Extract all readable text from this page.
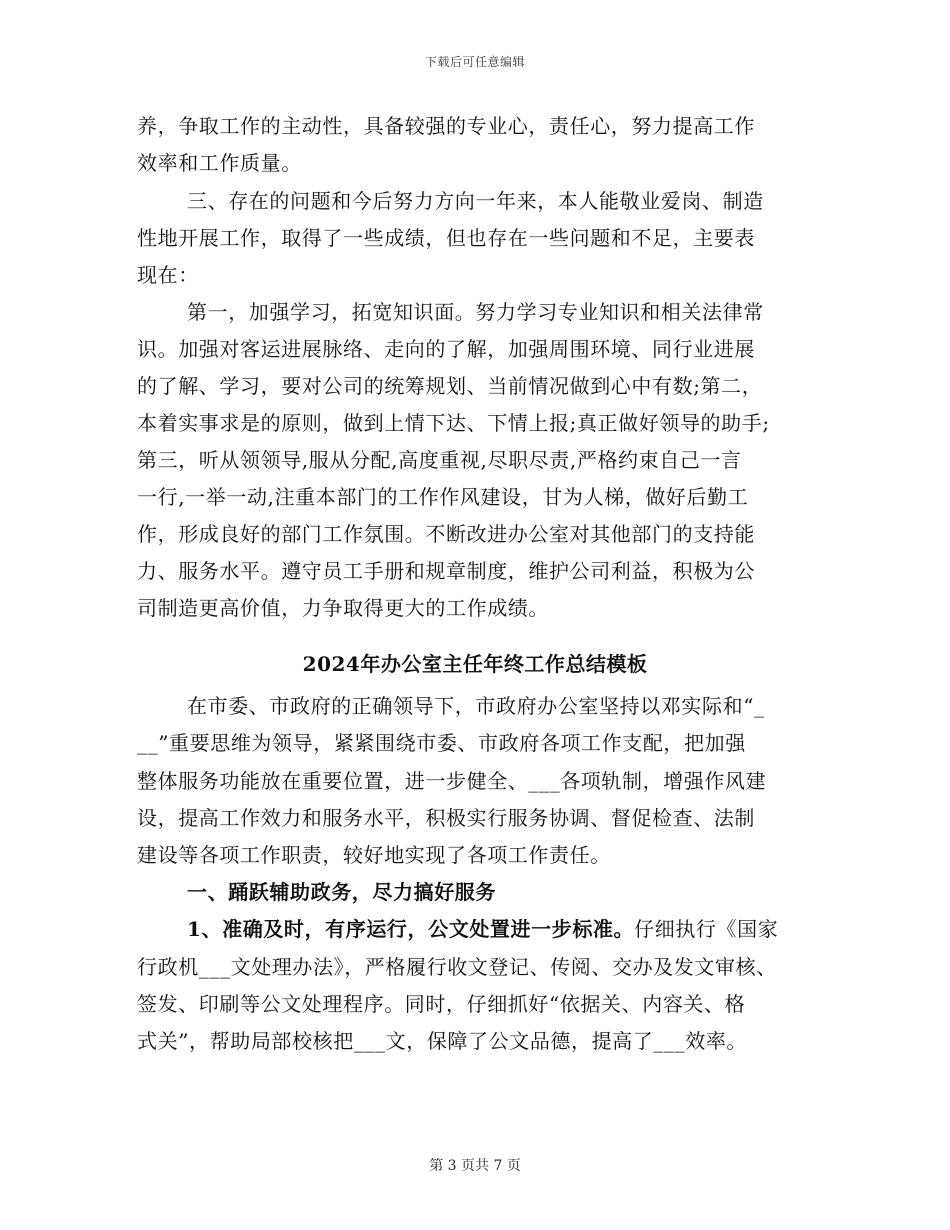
下载后可任意编辑
养，争取工作的主动性，具备较强的专业心，责任心，努力提高工作
效率和工作质量。
三、存在的问题和今后努力方向一年来，本人能敬业爱岗、制造
性地开展工作，取得了一些成绩，但也存在一些问题和不足，主要表
现在：
第一，加强学习，拓宽知识面。努力学习专业知识和相关法律常
识。加强对客运进展脉络、走向的了解，加强周围环境、同行业进展
的了解、学习，要对公司的统筹规划、当前情况做到心中有数;第二，
本着实事求是的原则，做到上情下达、下情上报;真正做好领导的助手;
第三，听从领领导,服从分配,高度重视,尽职尽责,严格约束自己一言
一行,一举一动,注重本部门的工作作风建设，甘为人梯，做好后勤工
作，形成良好的部门工作氛围。不断改进办公室对其他部门的支持能
力、服务水平。遵守员工手册和规章制度，维护公司利益，积极为公
司制造更高价值，力争取得更大的工作成绩。
2024年办公室主任年终工作总结模板
在市委、市政府的正确领导下，市政府办公室坚持以邓实际和“_
__”重要思维为领导，紧紧围绕市委、市政府各项工作支配，把加强
整体服务功能放在重要位置，进一步健全、___各项轨制，增强作风建
设，提高工作效力和服务水平，积极实行服务协调、督促检查、法制
建设等各项工作职责，较好地实现了各项工作责任。
一、踊跃辅助政务，尽力搞好服务
1、准确及时，有序运行，公文处置进一步标准。仔细执行《国家
行政机___文处理办法》，严格履行收文登记、传阅、交办及发文审核、
签发、印刷等公文处理程序。同时，仔细抓好“依据关、内容关、格
式关”，帮助局部校核把___文，保障了公文品德，提高了___效率。
第 3 页共 7 页
